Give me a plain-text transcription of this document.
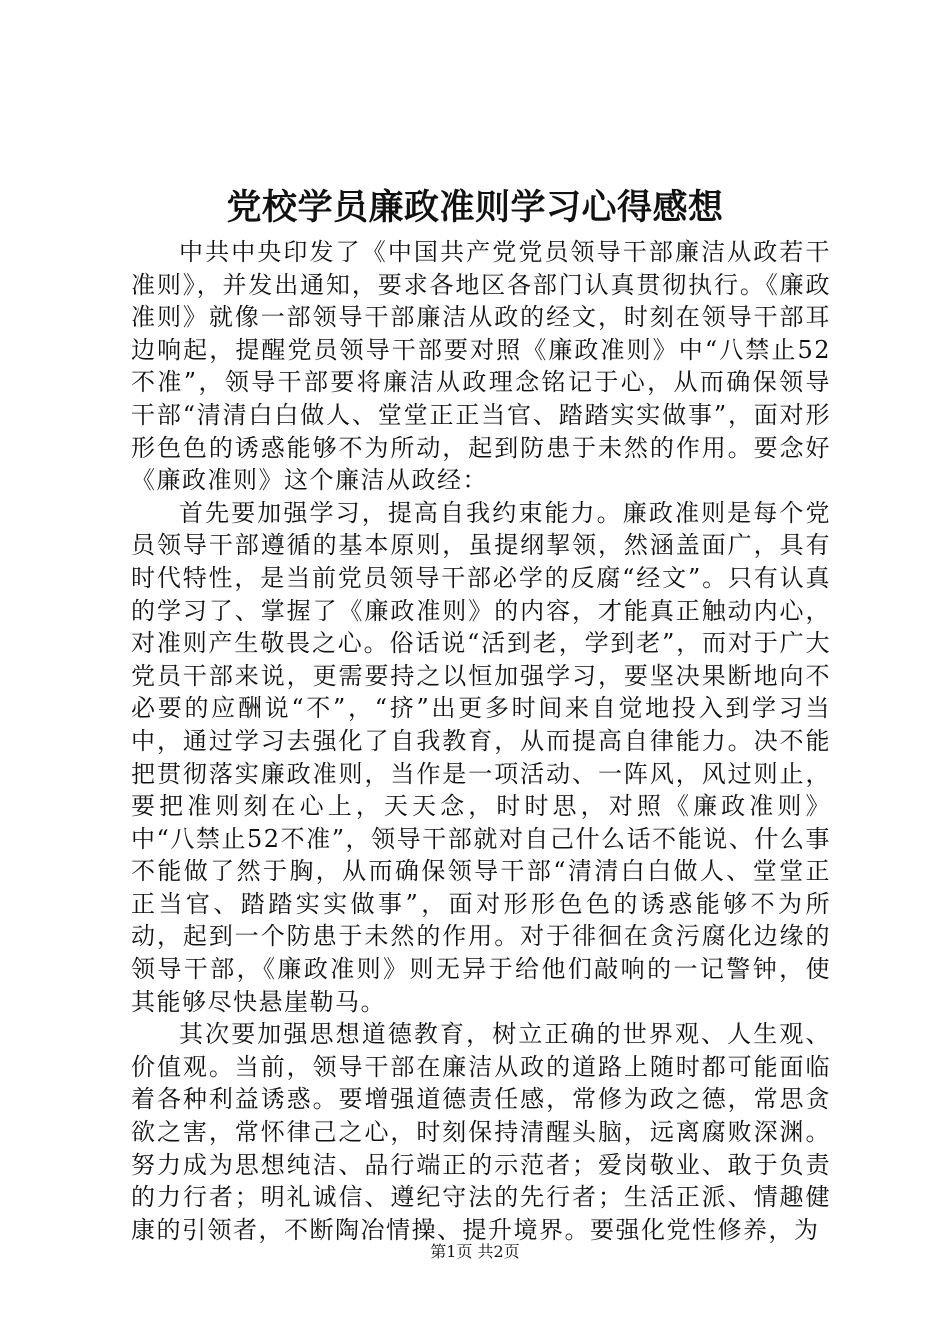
党校学员廉政准则学习心得感想

中共中央印发了《中国共产党党员领导干部廉洁从政若干准则》，并发出通知，要求各地区各部门认真贯彻执行。《廉政准则》就像一部领导干部廉洁从政的经文，时刻在领导干部耳边响起，提醒党员领导干部要对照《廉政准则》中“八禁止52不准”，领导干部要将廉洁从政理念铭记于心，从而确保领导干部“清清白白做人、堂堂正正当官、踏踏实实做事”，面对形形色色的诱惑能够不为所动，起到防患于未然的作用。要念好《廉政准则》这个廉洁从政经：

首先要加强学习，提高自我约束能力。廉政准则是每个党员领导干部遵循的基本原则，虽提纲挈领，然涵盖面广，具有时代特性，是当前党员领导干部必学的反腐“经文”。只有认真的学习了、掌握了《廉政准则》的内容，才能真正触动内心，对准则产生敬畏之心。俗话说“活到老，学到老”，而对于广大党员干部来说，更需要持之以恒加强学习，要坚决果断地向不必要的应酬说“不”，“挤”出更多时间来自觉地投入到学习当中，通过学习去强化了自我教育，从而提高自律能力。决不能把贯彻落实廉政准则，当作是一项活动、一阵风，风过则止，要把准则刻在心上，天天念，时时思，对照《廉政准则》中“八禁止52不准”，领导干部就对自己什么话不能说、什么事不能做了然于胸，从而确保领导干部“清清白白做人、堂堂正正当官、踏踏实实做事”，面对形形色色的诱惑能够不为所动，起到一个防患于未然的作用。对于徘徊在贪污腐化边缘的领导干部，《廉政准则》则无异于给他们敲响的一记警钟，使其能够尽快悬崖勒马。

其次要加强思想道德教育，树立正确的世界观、人生观、价值观。当前，领导干部在廉洁从政的道路上随时都可能面临着各种利益诱惑。要增强道德责任感，常修为政之德，常思贪欲之害，常怀律己之心，时刻保持清醒头脑，远离腐败深渊。努力成为思想纯洁、品行端正的示范者；爱岗敬业、敢于负责的力行者；明礼诚信、遵纪守法的先行者；生活正派、情趣健康的引领者，不断陶冶情操、提升境界。要强化党性修养，为

第1页 共2页
